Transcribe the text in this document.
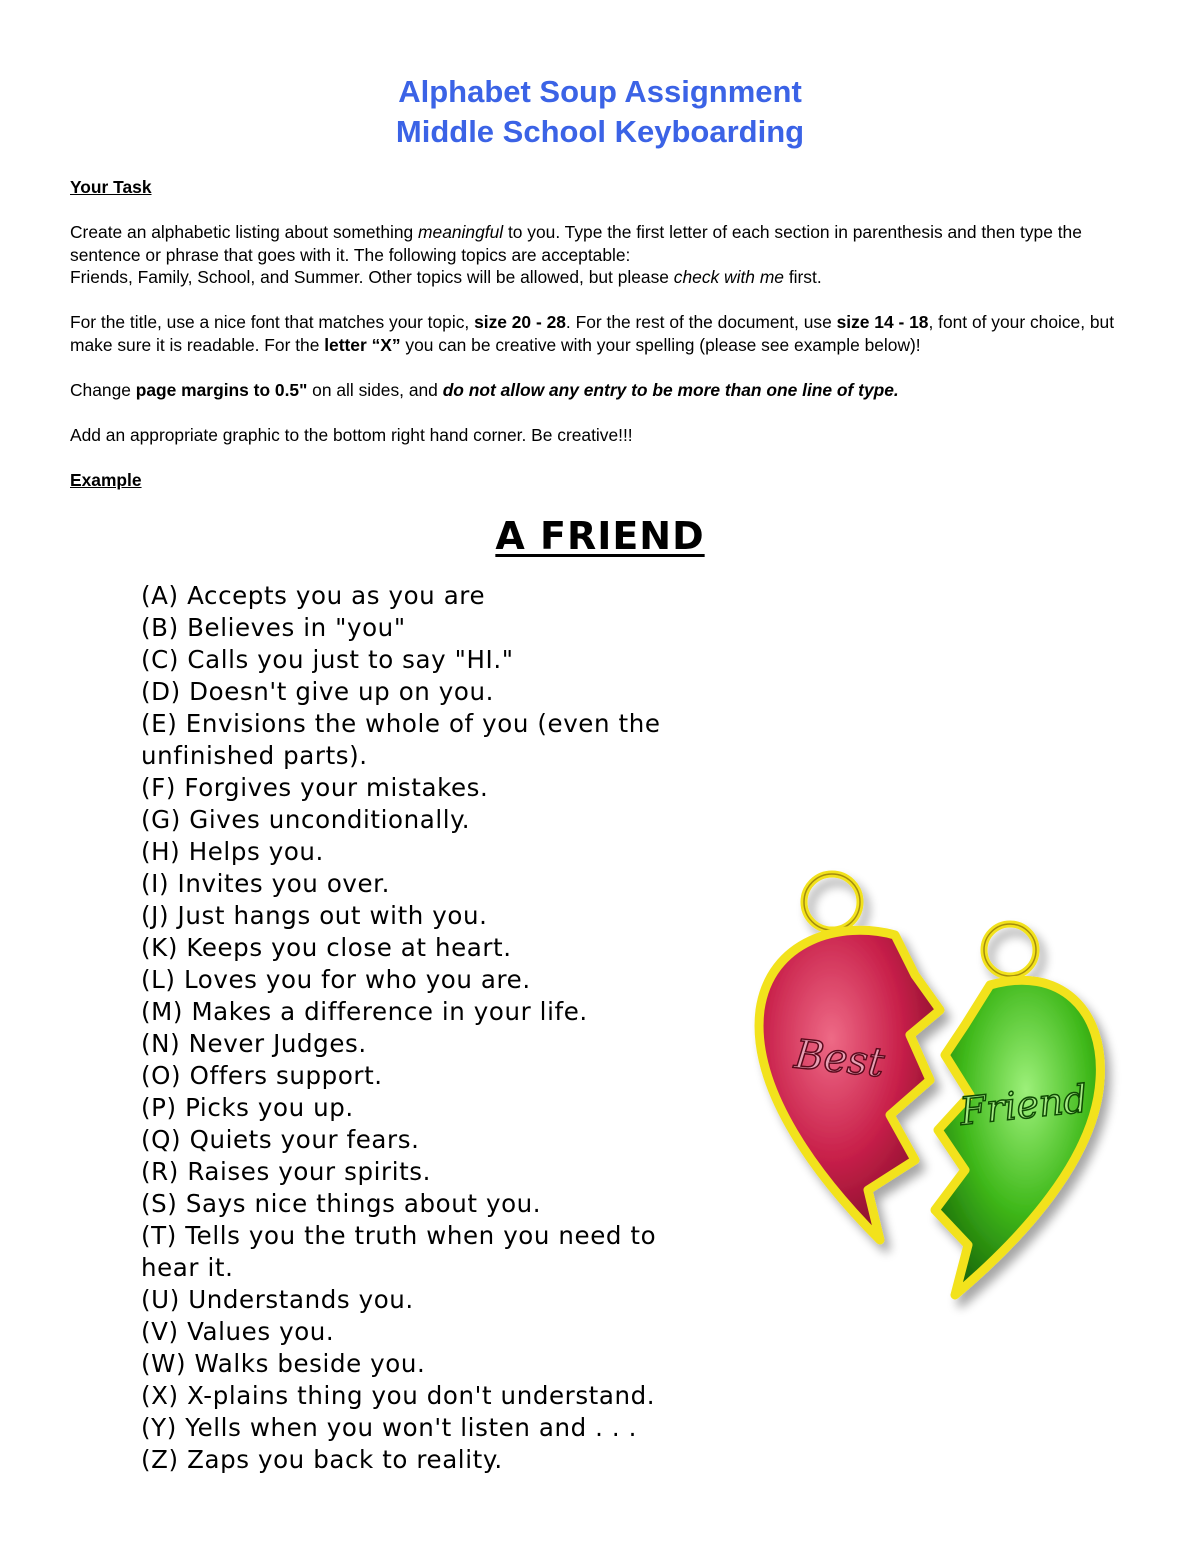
Alphabet Soup Assignment
Middle School Keyboarding

Your Task

Create an alphabetic listing about something meaningful to you. Type the first letter of each section in parenthesis and then type the sentence or phrase that goes with it. The following topics are acceptable:

Friends, Family, School, and Summer. Other topics will be allowed, but please check with me first.

For the title, use a nice font that matches your topic, size 20 - 28. For the rest of the document, use size 14 - 18, font of your choice, but make sure it is readable. For the letter “X” you can be creative with your spelling (please see example below)!

Change page margins to 0.5" on all sides, and do not allow any entry to be more than one line of type.

Add an appropriate graphic to the bottom right hand corner. Be creative!!!

Example

A FRIEND
(A) Accepts you as you are
(B) Believes in "you"
(C) Calls you just to say "HI."
(D) Doesn't give up on you.
(E) Envisions the whole of you (even the unfinished parts).
(F) Forgives your mistakes.
(G) Gives unconditionally.
(H) Helps you.
(I) Invites you over.
(J) Just hangs out with you.
(K) Keeps you close at heart.
(L) Loves you for who you are.
(M) Makes a difference in your life.
(N) Never Judges.
(O) Offers support.
(P) Picks you up.
(Q) Quiets your fears.
(R) Raises your spirits.
(S) Says nice things about you.
(T) Tells you the truth when you need to hear it.
(U) Understands you.
(V) Values you.
(W) Walks beside you.
(X) X-plains thing you don't understand.
(Y) Yells when you won't listen and . . .
(Z) Zaps you back to reality.
Best
Friend
